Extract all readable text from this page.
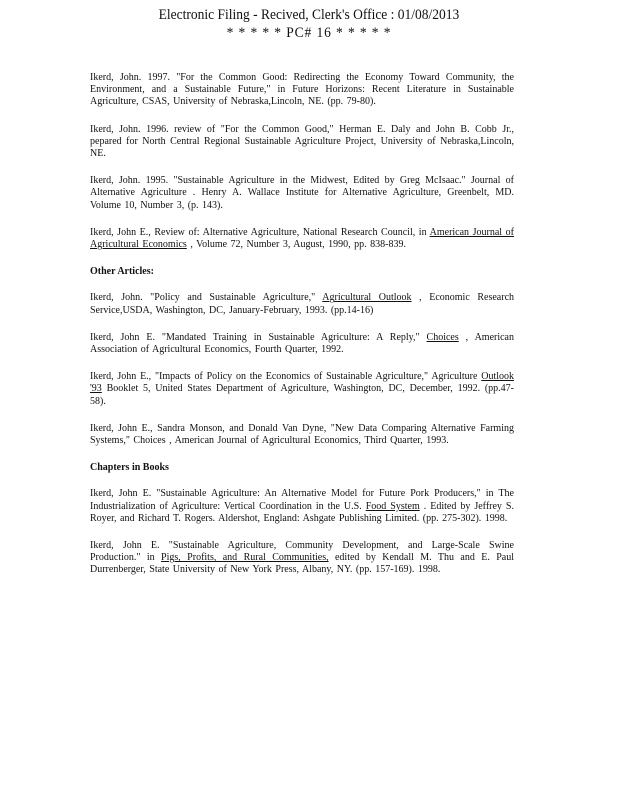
Electronic Filing - Recived, Clerk's Office : 01/08/2013
* * * * * PC# 16 * * * * *

Ikerd, John. 1997. "For the Common Good: Redirecting the Economy Toward Community, the Environment, and a Sustainable Future," in Future Horizons: Recent Literature in Sustainable Agriculture, CSAS, University of Nebraska,Lincoln, NE. (pp. 79-80).

Ikerd, John. 1996. review of "For the Common Good," Herman E. Daly and John B. Cobb Jr., pepared for North Central Regional Sustainable Agriculture Project, University of Nebraska,Lincoln, NE.

Ikerd, John. 1995. "Sustainable Agriculture in the Midwest, Edited by Greg McIsaac." Journal of Alternative Agriculture . Henry A. Wallace Institute for Alternative Agriculture, Greenbelt, MD. Volume 10, Number 3, (p. 143).

Ikerd, John E., Review of: Alternative Agriculture, National Research Council, in American Journal of Agricultural Economics , Volume 72, Number 3, August, 1990, pp. 838-839.

Other Articles:

Ikerd, John. "Policy and Sustainable Agriculture," Agricultural Outlook , Economic Research Service,USDA, Washington, DC, January-February, 1993. (pp.14-16)

Ikerd, John E. "Mandated Training in Sustainable Agriculture: A Reply," Choices , American Association of Agricultural Economics, Fourth Quarter, 1992.

Ikerd, John E., "Impacts of Policy on the Economics of Sustainable Agriculture," Agriculture Outlook '93 Booklet 5, United States Department of Agriculture, Washington, DC, December, 1992. (pp.47-58).

Ikerd, John E., Sandra Monson, and Donald Van Dyne, "New Data Comparing Alternative Farming Systems," Choices , American Journal of Agricultural Economics, Third Quarter, 1993.

Chapters in Books

Ikerd, John E. "Sustainable Agriculture: An Alternative Model for Future Pork Producers," in The Industrialization of Agriculture: Vertical Coordination in the U.S. Food System . Edited by Jeffrey S. Royer, and Richard T. Rogers. Aldershot, England: Ashgate Publishing Limited. (pp. 275-302). 1998.

Ikerd, John E. "Sustainable Agriculture, Community Development, and Large-Scale Swine Production." in Pigs, Profits, and Rural Communities, edited by Kendall M. Thu and E. Paul Durrenberger, State University of New York Press, Albany, NY. (pp. 157-169). 1998.
